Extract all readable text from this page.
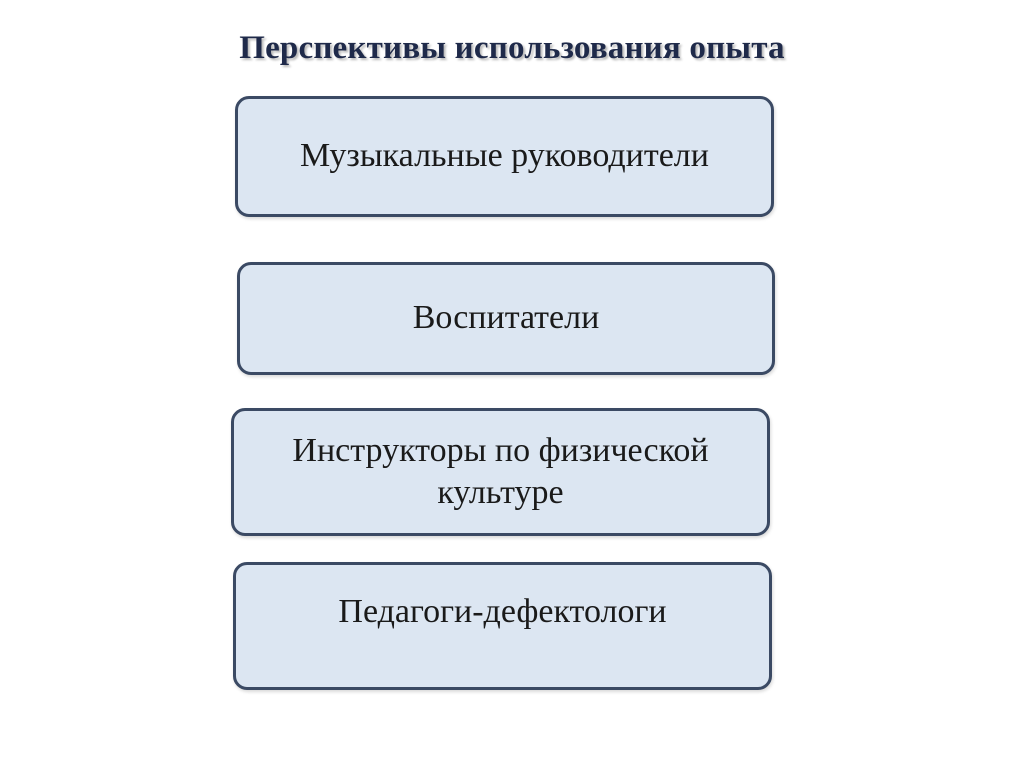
Перспективы использования опыта
Музыкальные руководители
Воспитатели
Инструкторы по физической культуре
Педагоги-дефектологи
